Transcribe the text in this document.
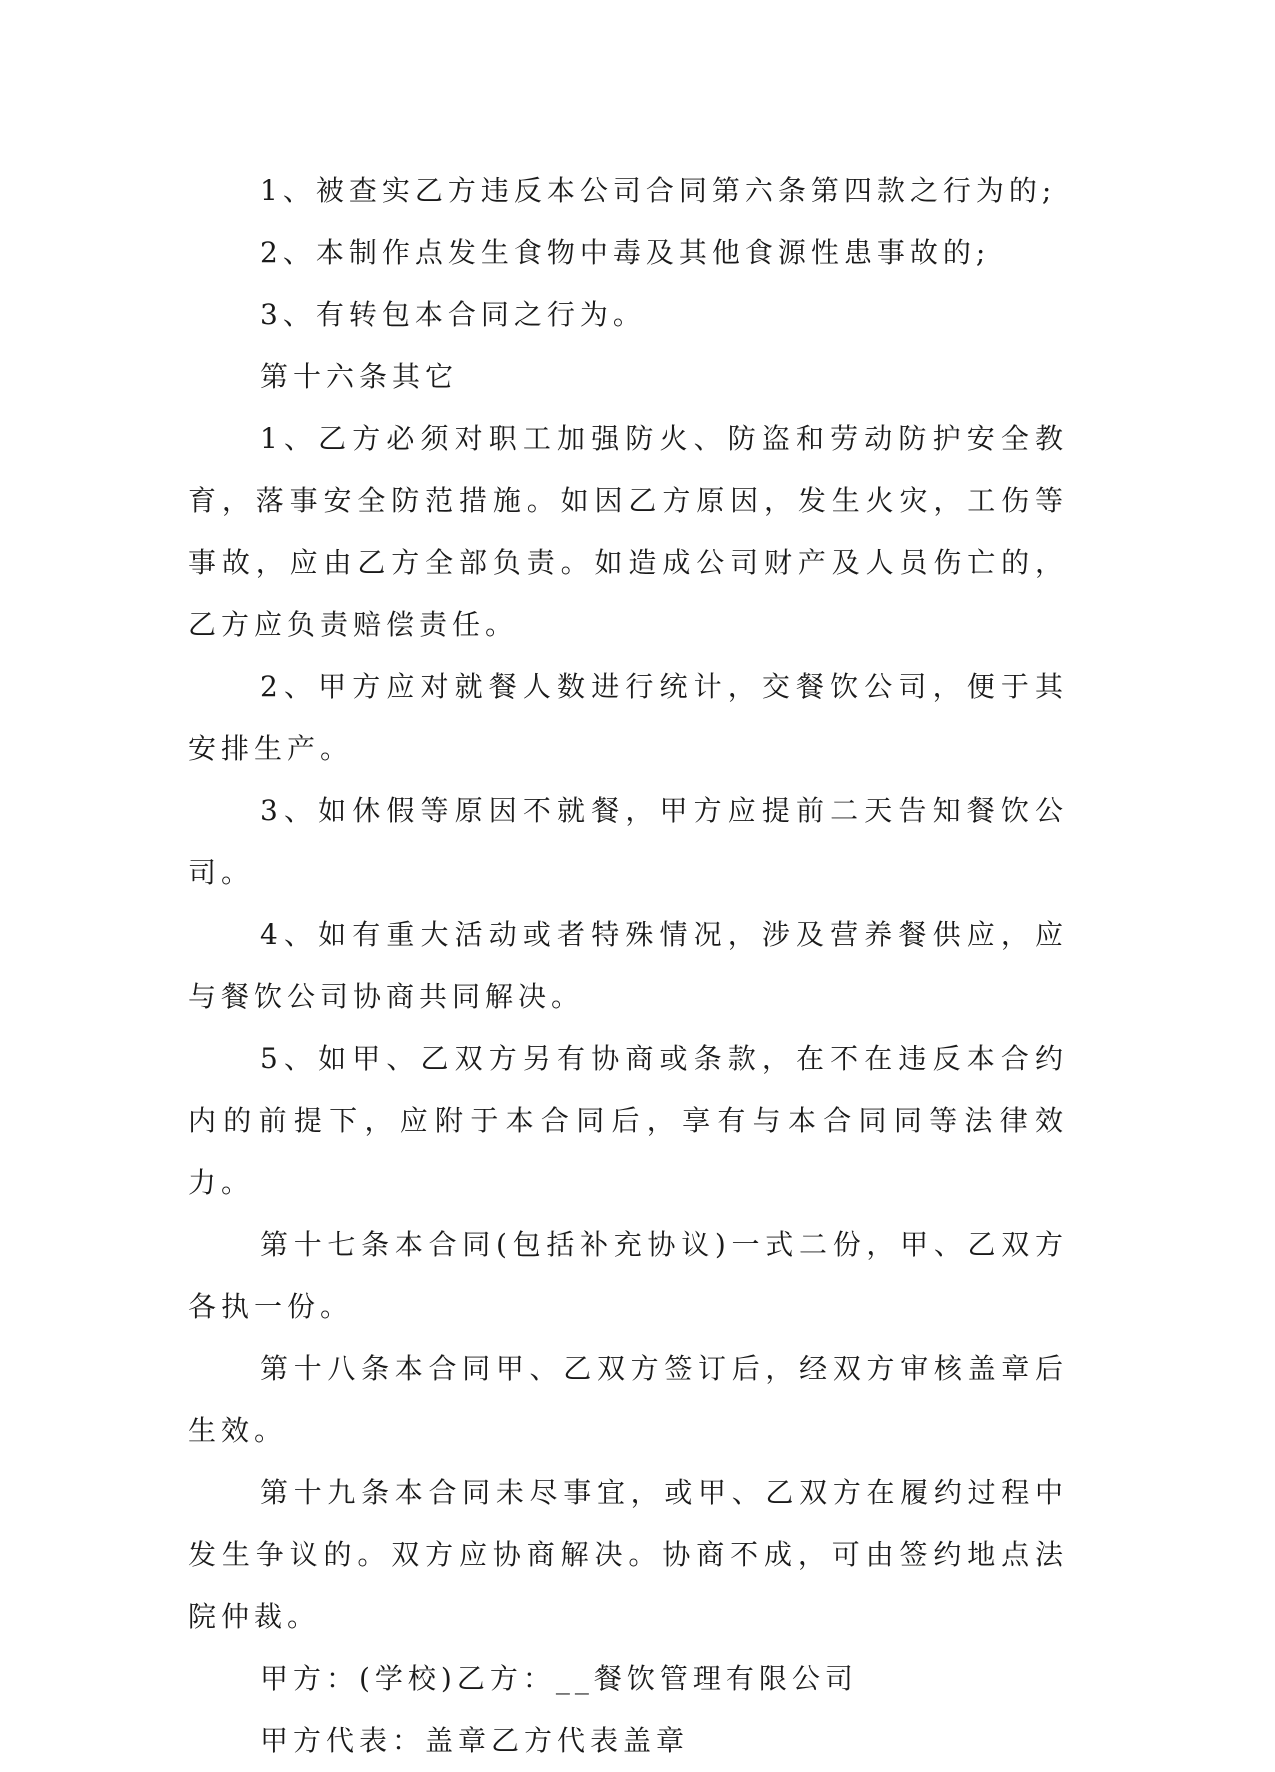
1、被查实乙方违反本公司合同第六条第四款之行为的;

2、本制作点发生食物中毒及其他食源性患事故的;

3、有转包本合同之行为。

第十六条其它

1、乙方必须对职工加强防火、防盗和劳动防护安全教育，落事安全防范措施。如因乙方原因，发生火灾，工伤等事故，应由乙方全部负责。如造成公司财产及人员伤亡的，乙方应负责赔偿责任。

2、甲方应对就餐人数进行统计，交餐饮公司，便于其安排生产。

3、如休假等原因不就餐，甲方应提前二天告知餐饮公司。

4、如有重大活动或者特殊情况，涉及营养餐供应，应与餐饮公司协商共同解决。

5、如甲、乙双方另有协商或条款，在不在违反本合约内的前提下，应附于本合同后，享有与本合同同等法律效力。

第十七条本合同(包括补充协议)一式二份，甲、乙双方各执一份。

第十八条本合同甲、乙双方签订后，经双方审核盖章后生效。

第十九条本合同未尽事宜，或甲、乙双方在履约过程中发生争议的。双方应协商解决。协商不成，可由签约地点法院仲裁。

甲方：(学校)乙方：__餐饮管理有限公司

甲方代表：盖章乙方代表盖章
